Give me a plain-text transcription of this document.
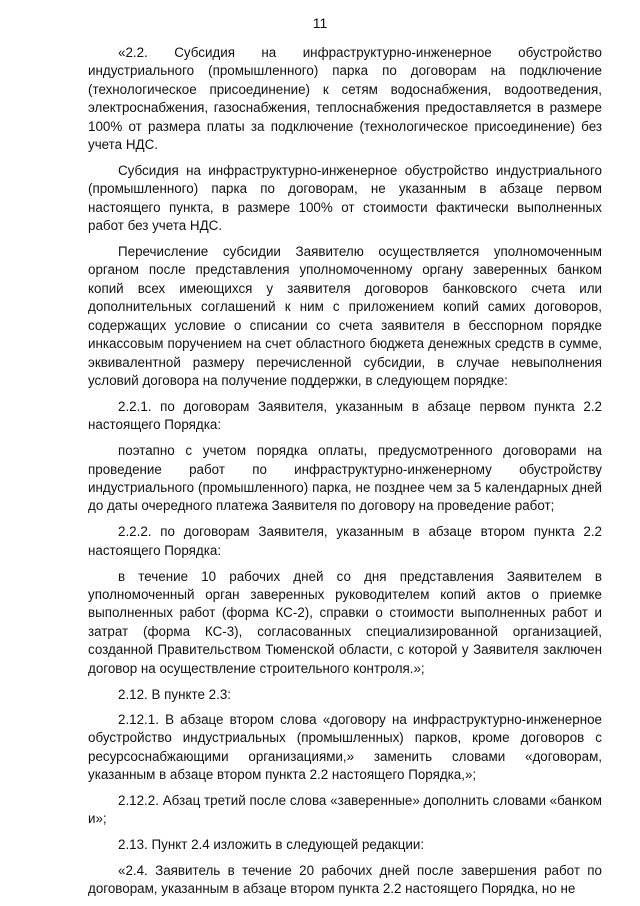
11

«2.2. Субсидия на инфраструктурно-инженерное обустройство индустриального (промышленного) парка по договорам на подключение (технологическое присоединение) к сетям водоснабжения, водоотведения, электроснабжения, газоснабжения, теплоснабжения предоставляется в размере 100% от размера платы за подключение (технологическое присоединение) без учета НДС.

Субсидия на инфраструктурно-инженерное обустройство индустриального (промышленного) парка по договорам, не указанным в абзаце первом настоящего пункта, в размере 100% от стоимости фактически выполненных работ без учета НДС.

Перечисление субсидии Заявителю осуществляется уполномоченным органом после представления уполномоченному органу заверенных банком копий всех имеющихся у заявителя договоров банковского счета или дополнительных соглашений к ним с приложением копий самих договоров, содержащих условие о списании со счета заявителя в бесспорном порядке инкассовым поручением на счет областного бюджета денежных средств в сумме, эквивалентной размеру перечисленной субсидии, в случае невыполнения условий договора на получение поддержки, в следующем порядке:

2.2.1. по договорам Заявителя, указанным в абзаце первом пункта 2.2 настоящего Порядка:

поэтапно с учетом порядка оплаты, предусмотренного договорами на проведение работ по инфраструктурно-инженерному обустройству индустриального (промышленного) парка, не позднее чем за 5 календарных дней до даты очередного платежа Заявителя по договору на проведение работ;

2.2.2. по договорам Заявителя, указанным в абзаце втором пункта 2.2 настоящего Порядка:

в течение 10 рабочих дней со дня представления Заявителем в уполномоченный орган заверенных руководителем копий актов о приемке выполненных работ (форма КС-2), справки о стоимости выполненных работ и затрат (форма КС-3), согласованных специализированной организацией, созданной Правительством Тюменской области, с которой у Заявителя заключен договор на осуществление строительного контроля.»;

2.12. В пункте 2.3:

2.12.1. В абзаце втором слова «договору на инфраструктурно-инженерное обустройство индустриальных (промышленных) парков, кроме договоров с ресурсоснабжающими организациями,» заменить словами «договорам, указанным в абзаце втором пункта 2.2 настоящего Порядка,»;

2.12.2. Абзац третий после слова «заверенные» дополнить словами «банком и»;

2.13. Пункт 2.4 изложить в следующей редакции:

«2.4. Заявитель в течение 20 рабочих дней после завершения работ по договорам, указанным в абзаце втором пункта 2.2 настоящего Порядка, но не
